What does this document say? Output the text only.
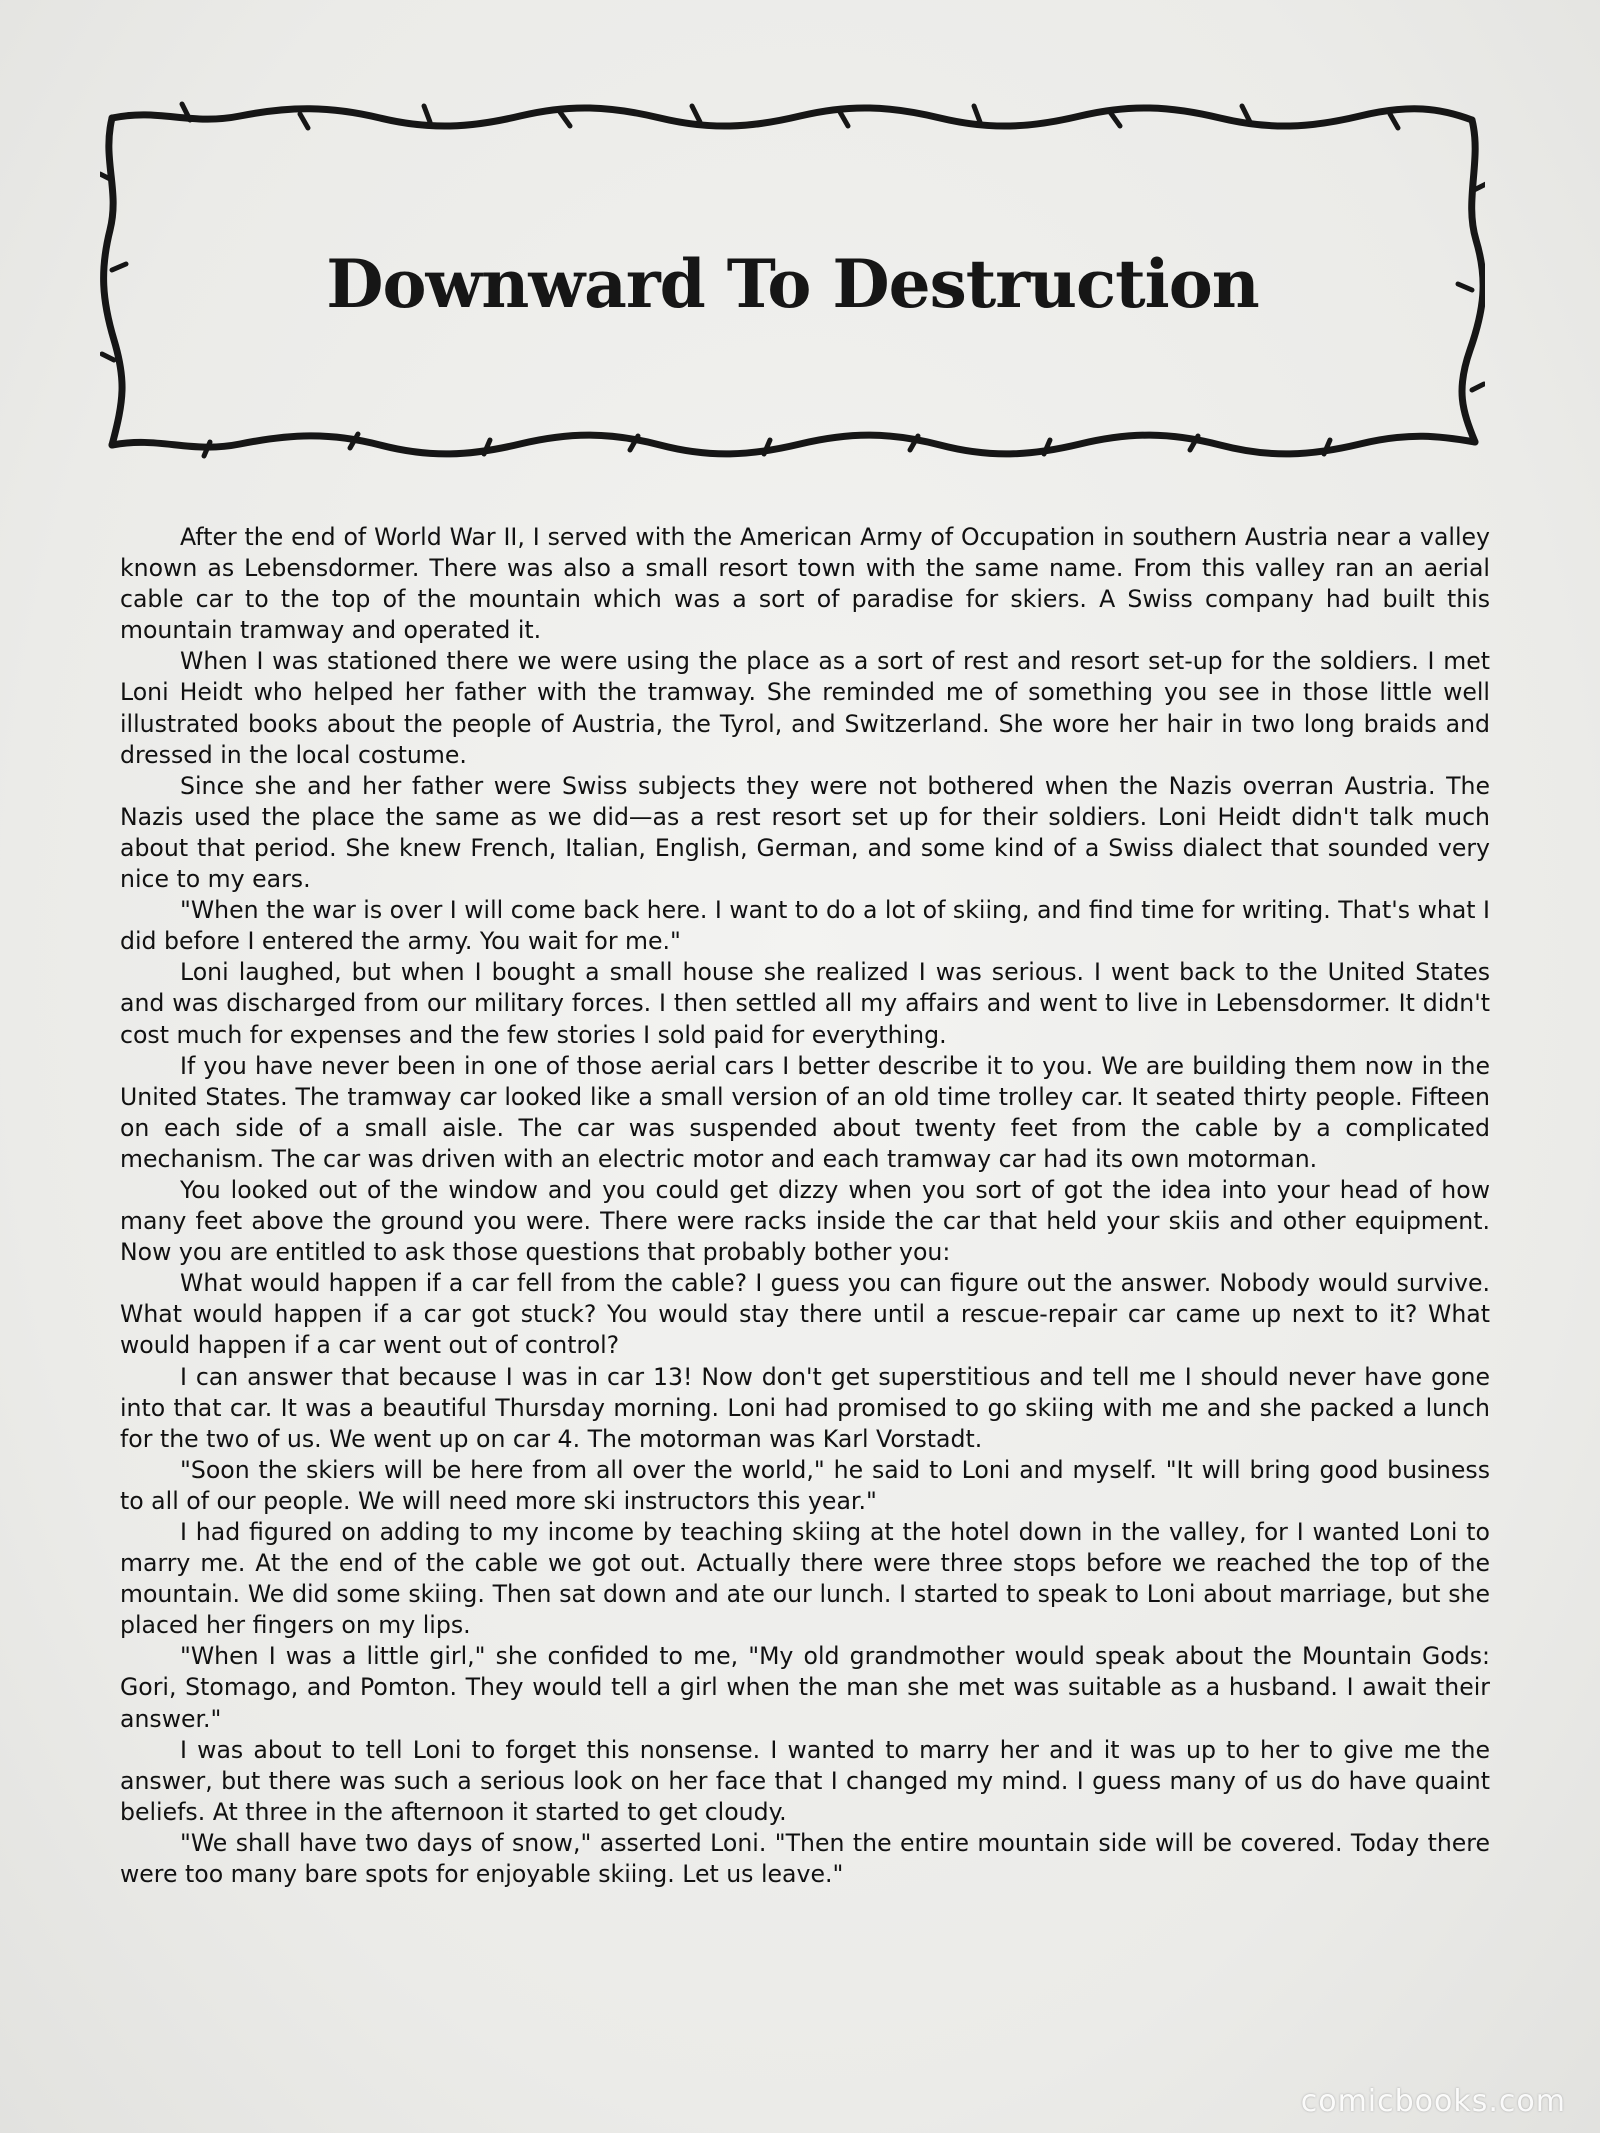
Downward To Destruction

After the end of World War II, I served with the American Army of Occupation in southern Austria near a valley known as Lebensdormer. There was also a small resort town with the same name. From this valley ran an aerial cable car to the top of the mountain which was a sort of paradise for skiers. A Swiss company had built this mountain tramway and operated it.

When I was stationed there we were using the place as a sort of rest and resort set-up for the soldiers. I met Loni Heidt who helped her father with the tramway. She reminded me of something you see in those little well illustrated books about the people of Austria, the Tyrol, and Switzerland. She wore her hair in two long braids and dressed in the local costume.

Since she and her father were Swiss subjects they were not bothered when the Nazis overran Austria. The Nazis used the place the same as we did—as a rest resort set up for their soldiers. Loni Heidt didn't talk much about that period. She knew French, Italian, English, German, and some kind of a Swiss dialect that sounded very nice to my ears.

"When the war is over I will come back here. I want to do a lot of skiing, and find time for writing. That's what I did before I entered the army. You wait for me."

Loni laughed, but when I bought a small house she realized I was serious. I went back to the United States and was discharged from our military forces. I then settled all my affairs and went to live in Lebensdormer. It didn't cost much for expenses and the few stories I sold paid for everything.

If you have never been in one of those aerial cars I better describe it to you. We are building them now in the United States. The tramway car looked like a small version of an old time trolley car. It seated thirty people. Fifteen on each side of a small aisle. The car was suspended about twenty feet from the cable by a complicated mechanism. The car was driven with an electric motor and each tramway car had its own motorman.

You looked out of the window and you could get dizzy when you sort of got the idea into your head of how many feet above the ground you were. There were racks inside the car that held your skiis and other equipment. Now you are entitled to ask those questions that probably bother you:

What would happen if a car fell from the cable? I guess you can figure out the answer. Nobody would survive. What would happen if a car got stuck? You would stay there until a rescue-repair car came up next to it? What would happen if a car went out of control?

I can answer that because I was in car 13! Now don't get superstitious and tell me I should never have gone into that car. It was a beautiful Thursday morning. Loni had promised to go skiing with me and she packed a lunch for the two of us. We went up on car 4. The motorman was Karl Vorstadt.

"Soon the skiers will be here from all over the world," he said to Loni and myself. "It will bring good business to all of our people. We will need more ski instructors this year."

I had figured on adding to my income by teaching skiing at the hotel down in the valley, for I wanted Loni to marry me. At the end of the cable we got out. Actually there were three stops before we reached the top of the mountain. We did some skiing. Then sat down and ate our lunch. I started to speak to Loni about marriage, but she placed her fingers on my lips.

"When I was a little girl," she confided to me, "My old grandmother would speak about the Mountain Gods: Gori, Stomago, and Pomton. They would tell a girl when the man she met was suitable as a husband. I await their answer."

I was about to tell Loni to forget this nonsense. I wanted to marry her and it was up to her to give me the answer, but there was such a serious look on her face that I changed my mind. I guess many of us do have quaint beliefs. At three in the afternoon it started to get cloudy.

"We shall have two days of snow," asserted Loni. "Then the entire mountain side will be covered. Today there were too many bare spots for enjoyable skiing. Let us leave."

comicbooks.com
